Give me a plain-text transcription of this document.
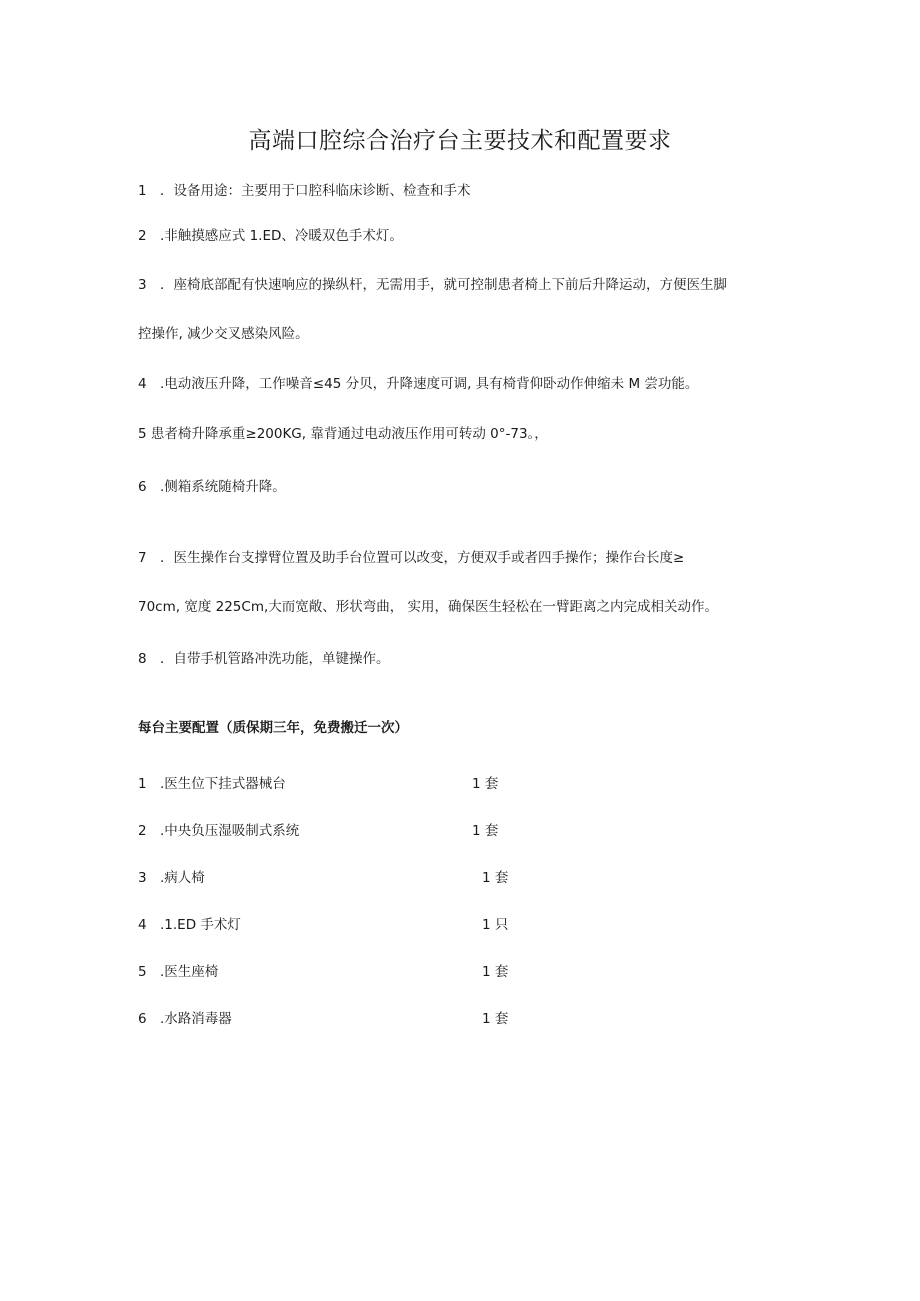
高端口腔综合治疗台主要技术和配置要求
1 ．设备用途：主要用于口腔科临床诊断、检查和手术
2 .非触摸感应式 1.ED、冷暖双色手术灯。
3 ．座椅底部配有快速响应的操纵杆，无需用手，就可控制患者椅上下前后升降运动，方便医生脚
控操作, 减少交叉感染风险。
4 .电动液压升降，工作噪音≤45 分贝，升降速度可调, 具有椅背仰卧动作伸缩未 M 尝功能。
5 患者椅升降承重≥200KG, 靠背通过电动液压作用可转动 0°-73。，
6 .侧箱系统随椅升降。
7 ．医生操作台支撑臂位置及助手台位置可以改变，方便双手或者四手操作；操作台长度≥
70cm, 宽度 225Cm,大而宽敞、形状弯曲， 实用，确保医生轻松在一臂距离之内完成相关动作。
8 ．自带手机管路冲洗功能，单键操作。
每台主要配置（质保期三年，免费搬迁一次）
1 .医生位下挂式器械台	1 套
2 .中央负压湿吸制式系统	1 套
3 .病人椅	1 套
4 .1.ED 手术灯	1 只
5 .医生座椅	1 套
6 .水路消毒器	1 套
